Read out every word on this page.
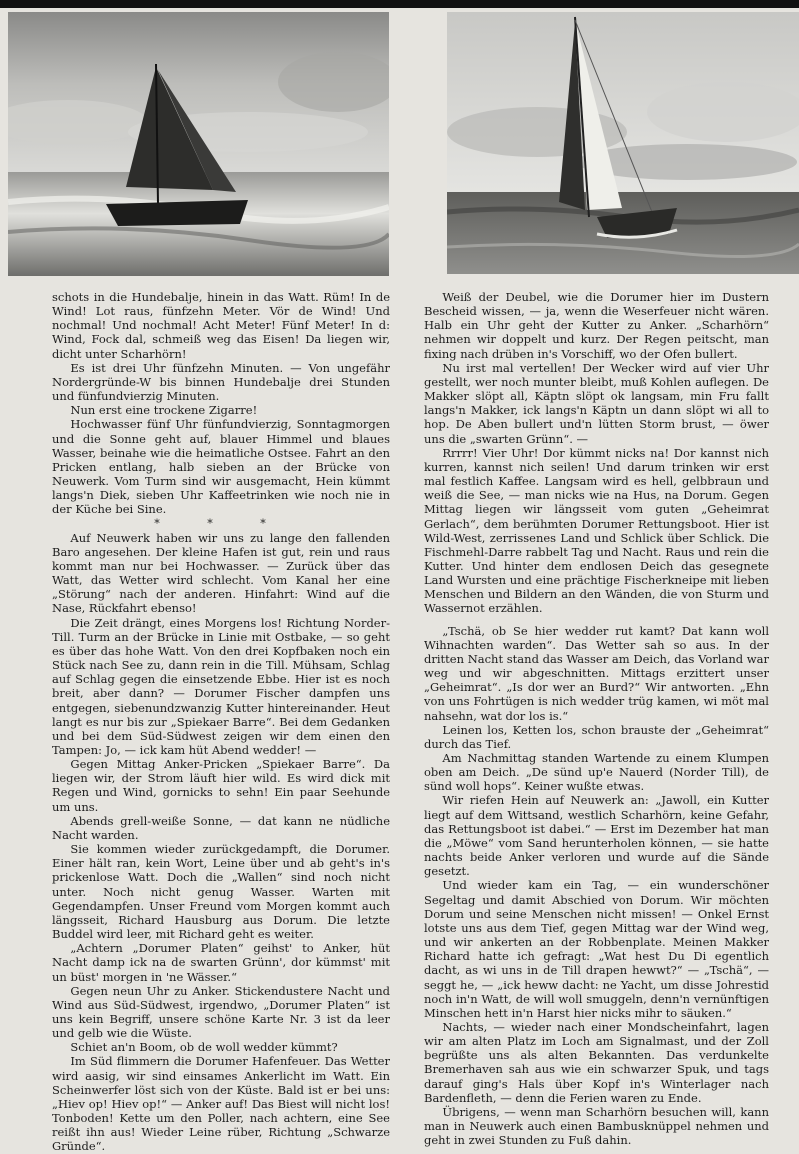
schots in die Hundebalje, hinein in das Watt. Rüm! In de Wind! Lot raus, fünfzehn Meter. Vör de Wind! Und nochmal! Und nochmal! Acht Meter! Fünf Meter! In d: Wind, Fock dal, schmeiß weg das Eisen! Da liegen wir, dicht unter Scharhörn!

Es ist drei Uhr fünfzehn Minuten. — Von ungefähr Nordergründe-W bis binnen Hundebalje drei Stunden und fünfundvierzig Minuten.

Nun erst eine trockene Zigarre!

Hochwasser fünf Uhr fünfundvierzig, Sonntagmorgen und die Sonne geht auf, blauer Himmel und blaues Wasser, beinahe wie die heimatliche Ostsee. Fahrt an den Pricken entlang, halb sieben an der Brücke von Neuwerk. Vom Turm sind wir ausgemacht, Hein kümmt langs'n Diek, sieben Uhr Kaffeetrinken wie noch nie in der Küche bei Sine.

* * *

Auf Neuwerk haben wir uns zu lange den fallenden Baro angesehen. Der kleine Hafen ist gut, rein und raus kommt man nur bei Hochwasser. — Zurück über das Watt, das Wetter wird schlecht. Vom Kanal her eine „Störung“ nach der anderen. Hinfahrt: Wind auf die Nase, Rückfahrt ebenso!

Die Zeit drängt, eines Morgens los! Richtung Norder-Till. Turm an der Brücke in Linie mit Ostbake, — so geht es über das hohe Watt. Von den drei Kopfbaken noch ein Stück nach See zu, dann rein in die Till. Mühsam, Schlag auf Schlag gegen die einsetzende Ebbe. Hier ist es noch breit, aber dann? — Dorumer Fischer dampfen uns entgegen, siebenundzwanzig Kutter hintereinander. Heut langt es nur bis zur „Spiekaer Barre“. Bei dem Gedanken und bei dem Süd-Südwest zeigen wir dem einen den Tampen: Jo, — ick kam hüt Abend wedder! —

Gegen Mittag Anker-Pricken „Spiekaer Barre“. Da liegen wir, der Strom läuft hier wild. Es wird dick mit Regen und Wind, gornicks to sehn! Ein paar Seehunde um uns.

Abends grell-weiße Sonne, — dat kann ne nüdliche Nacht warden.

Sie kommen wieder zurückgedampft, die Dorumer. Einer hält ran, kein Wort, Leine über und ab geht's in's prickenlose Watt. Doch die „Wallen“ sind noch nicht unter. Noch nicht genug Wasser. Warten mit Gegendampfen. Unser Freund vom Morgen kommt auch längsseit, Richard Hausburg aus Dorum. Die letzte Buddel wird leer, mit Richard geht es weiter.

„Achtern „Dorumer Platen“ geihst' to Anker, hüt Nacht damp ick na de swarten Grünn', dor kümmst' mit un büst' morgen in 'ne Wässer.“

Gegen neun Uhr zu Anker. Stickendustere Nacht und Wind aus Süd-Südwest, irgendwo, „Dorumer Platen“ ist uns kein Begriff, unsere schöne Karte Nr. 3 ist da leer und gelb wie die Wüste.

Schiet an'n Boom, ob de woll wedder kümmt?

Im Süd flimmern die Dorumer Hafenfeuer. Das Wetter wird aasig, wir sind einsames Ankerlicht im Watt. Ein Scheinwerfer löst sich von der Küste. Bald ist er bei uns: „Hiev op! Hiev op!“ — Anker auf! Das Biest will nicht los! Tonboden! Kette um den Poller, nach achtern, eine See reißt ihn aus! Wieder Leine rüber, Richtung „Schwarze Gründe“.

Weiß der Deubel, wie die Dorumer hier im Dustern Bescheid wissen, — ja, wenn die Weserfeuer nicht wären. Halb ein Uhr geht der Kutter zu Anker. „Scharhörn“ nehmen wir doppelt und kurz. Der Regen peitscht, man fixing nach drüben in's Vorschiff, wo der Ofen bullert.

Nu irst mal vertellen! Der Wecker wird auf vier Uhr gestellt, wer noch munter bleibt, muß Kohlen auflegen. De Makker slöpt all, Käptn slöpt ok langsam, min Fru fallt langs'n Makker, ick langs'n Käptn un dann slöpt wi all to hop. De Aben bullert und'n lütten Storm brust, — öwer uns die „swarten Grünn“. —

Rrrrr! Vier Uhr! Dor kümmt nicks na! Dor kannst nich kurren, kannst nich seilen! Und darum trinken wir erst mal festlich Kaffee. Langsam wird es hell, gelbbraun und weiß die See, — man nicks wie na Hus, na Dorum. Gegen Mittag liegen wir längsseit vom guten „Geheimrat Gerlach“, dem berühmten Dorumer Rettungsboot. Hier ist Wild-West, zerrissenes Land und Schlick über Schlick. Die Fischmehl-Darre rabbelt Tag und Nacht. Raus und rein die Kutter. Und hinter dem endlosen Deich das gesegnete Land Wursten und eine prächtige Fischerkneipe mit lieben Menschen und Bildern an den Wänden, die von Sturm und Wassernot erzählen.

„Tschä, ob Se hier wedder rut kamt? Dat kann woll Wihnachten warden“. Das Wetter sah so aus. In der dritten Nacht stand das Wasser am Deich, das Vorland war weg und wir abgeschnitten. Mittags erzittert unser „Geheimrat“. „Is dor wer an Burd?“ Wir antworten. „Ehn von uns Fohrtügen is nich wedder trüg kamen, wi möt mal nahsehn, wat dor los is.“

Leinen los, Ketten los, schon brauste der „Geheimrat“ durch das Tief.

Am Nachmittag standen Wartende zu einem Klumpen oben am Deich. „De sünd up'e Nauerd (Norder Till), de sünd woll hops“. Keiner wußte etwas.

Wir riefen Hein auf Neuwerk an: „Jawoll, ein Kutter liegt auf dem Wittsand, westlich Scharhörn, keine Gefahr, das Rettungsboot ist dabei.“ — Erst im Dezember hat man die „Möwe“ vom Sand herunterholen können, — sie hatte nachts beide Anker verloren und wurde auf die Sände gesetzt.

Und wieder kam ein Tag, — ein wunderschöner Segeltag und damit Abschied von Dorum. Wir möchten Dorum und seine Menschen nicht missen! — Onkel Ernst lotste uns aus dem Tief, gegen Mittag war der Wind weg, und wir ankerten an der Robbenplate. Meinen Makker Richard hatte ich gefragt: „Wat hest Du Di egentlich dacht, as wi uns in de Till drapen hewwt?“ — „Tschä“, — seggt he, — „ick heww dacht: ne Yacht, um disse Johrestid noch in'n Watt, de will woll smuggeln, denn'n vernünftigen Minschen hett in'n Harst hier nicks mihr to säuken.“

Nachts, — wieder nach einer Mondscheinfahrt, lagen wir am alten Platz im Loch am Signalmast, und der Zoll begrüßte uns als alten Bekannten. Das verdunkelte Bremerhaven sah aus wie ein schwarzer Spuk, und tags darauf ging's Hals über Kopf in's Winterlager nach Bardenfleth, — denn die Ferien waren zu Ende.

Übrigens, — wenn man Scharhörn besuchen will, kann man in Neuwerk auch einen Bambusknüppel nehmen und geht in zwei Stunden zu Fuß dahin.
